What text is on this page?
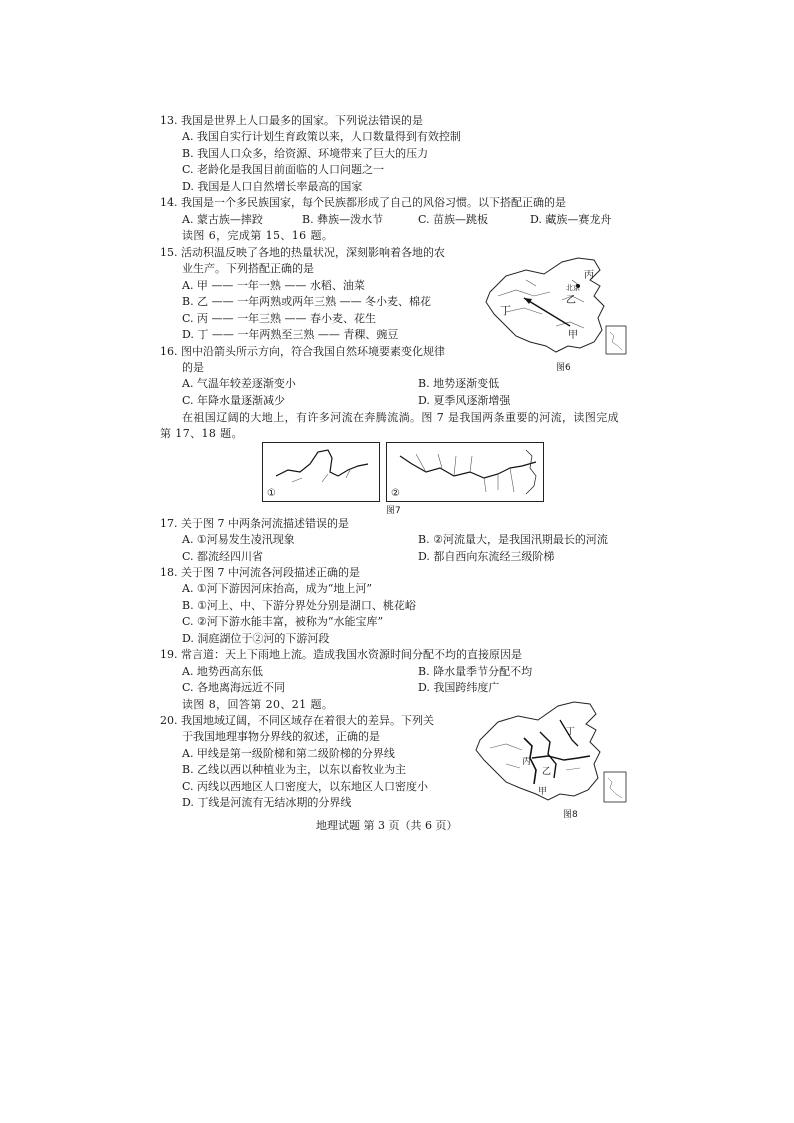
13. 我国是世界上人口最多的国家。下列说法错误的是
A. 我国自实行计划生育政策以来，人口数量得到有效控制
B. 我国人口众多，给资源、环境带来了巨大的压力
C. 老龄化是我国目前面临的人口问题之一
D. 我国是人口自然增长率最高的国家
14. 我国是一个多民族国家，每个民族都形成了自己的风俗习惯。以下搭配正确的是
A. 蒙古族—摔跤	B. 彝族—泼水节	C. 苗族—跳板	D. 藏族—赛龙舟
读图 6，完成第 15、16 题。
15. 活动积温反映了各地的热量状况，深刻影响着各地的农
业生产。下列搭配正确的是
A. 甲 —— 一年一熟 —— 水稻、油菜
B. 乙 —— 一年两熟或两年三熟 —— 冬小麦、棉花
C. 丙 —— 一年三熟 —— 春小麦、花生
D. 丁 —— 一年两熟至三熟 —— 青稞、豌豆
16. 图中沿箭头所示方向，符合我国自然环境要素变化规律
的是
A. 气温年较差逐渐变小	B. 地势逐渐变低
C. 年降水量逐渐减少	D. 夏季风逐渐增强
在祖国辽阔的大地上，有许多河流在奔腾流淌。图 7 是我国两条重要的河流，读图完成
第 17、18 题。
丙
北京
乙
丁
甲
图6
①	②
图7
17. 关于图 7 中两条河流描述错误的是
A. ①河易发生凌汛现象	B. ②河流量大，是我国汛期最长的河流
C. 都流经四川省	D. 都自西向东流经三级阶梯
18. 关于图 7 中河流各河段描述正确的是
A. ①河下游因河床抬高，成为“地上河”
B. ①河上、中、下游分界处分别是湖口、桃花峪
C. ②河下游水能丰富，被称为“水能宝库”
D. 洞庭湖位于②河的下游河段
19. 常言道：天上下雨地上流。造成我国水资源时间分配不均的直接原因是
A. 地势西高东低	B. 降水量季节分配不均
C. 各地离海远近不同	D. 我国跨纬度广
读图 8，回答第 20、21 题。
20. 我国地域辽阔，不同区域存在着很大的差异。下列关
于我国地理事物分界线的叙述，正确的是
A. 甲线是第一级阶梯和第二级阶梯的分界线
B. 乙线以西以种植业为主，以东以畜牧业为主
C. 丙线以西地区人口密度大，以东地区人口密度小
D. 丁线是河流有无结冰期的分界线
丁
丙
乙
甲
图8
地理试题 第 3 页（共 6 页）
